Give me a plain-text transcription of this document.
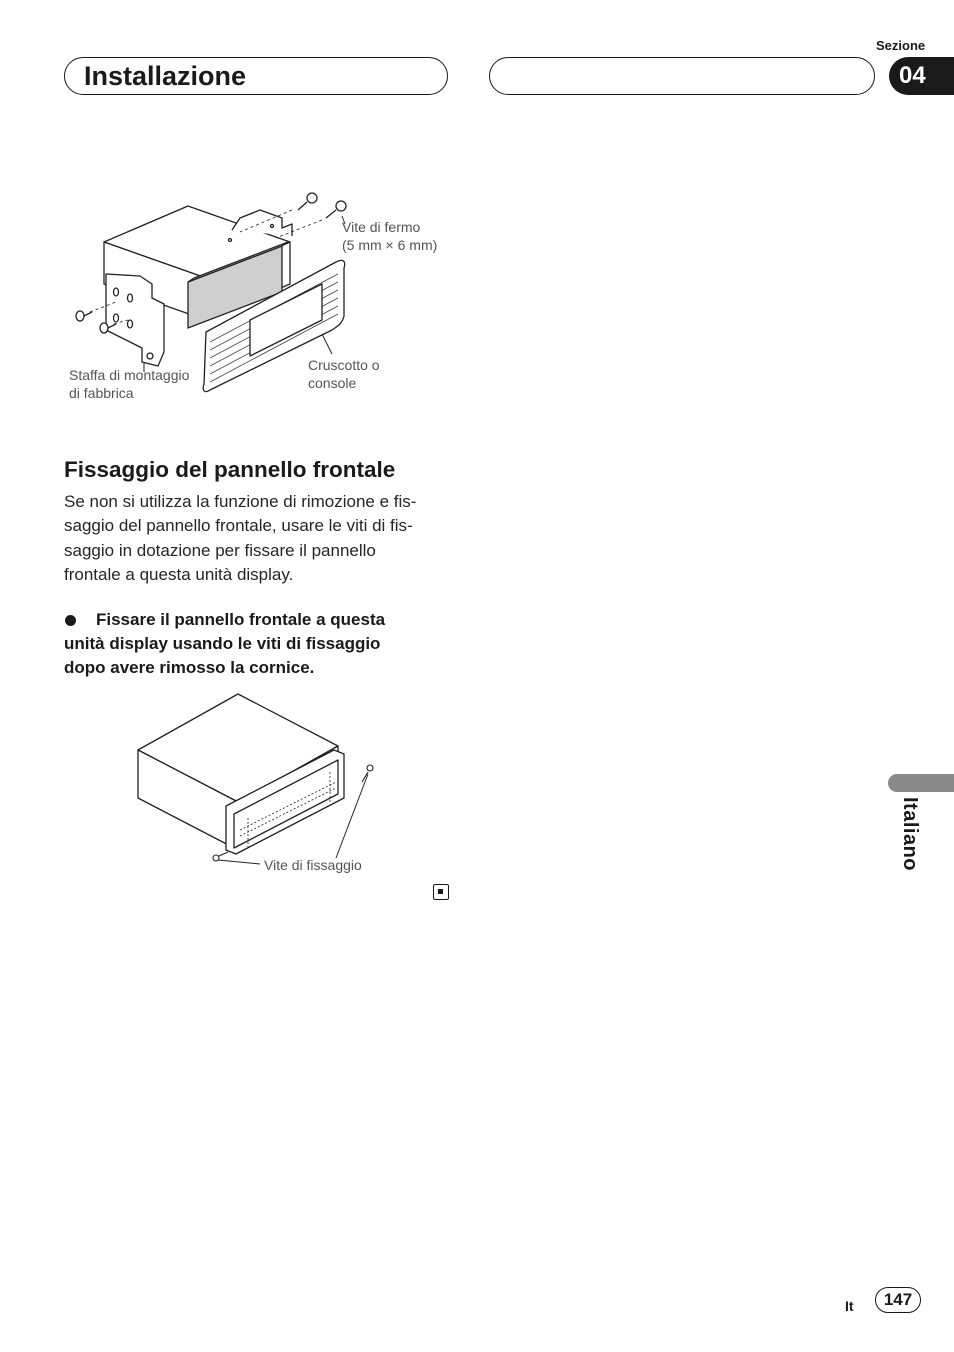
Installazione
Sezione
04
Italiano
Vite di fermo
(5 mm × 6 mm)
Cruscotto o
console
Staffa di montaggio
di fabbrica
Fissaggio del pannello frontale
Se non si utilizza la funzione di rimozione e fis-
saggio del pannello frontale, usare le viti di fis-
saggio in dotazione per fissare il pannello
frontale a questa unità display.
Fissare il pannello frontale a questa
unità display usando le viti di fissaggio
dopo avere rimosso la cornice.
Vite di fissaggio
It	147
